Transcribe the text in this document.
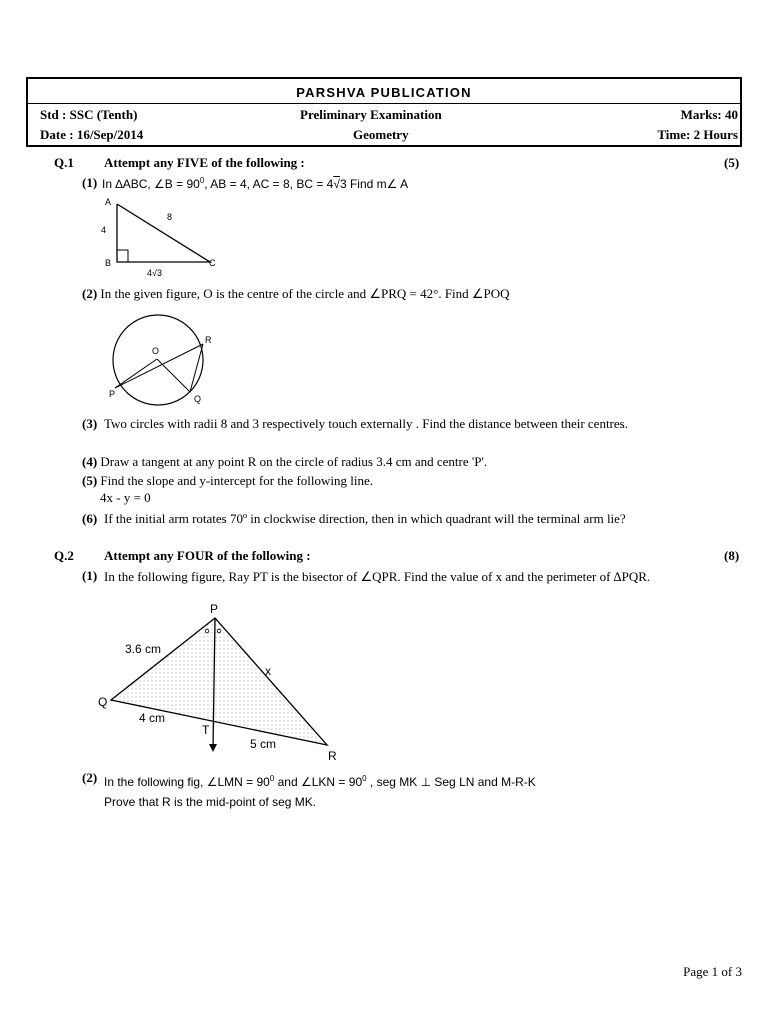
PARSHVA PUBLICATION
Std : SSC (Tenth)	Preliminary Examination	Marks: 40
Date : 16/Sep/2014	Geometry	Time: 2 Hours
Q.1 Attempt any FIVE of the following :	(5)
(1) In ∆ABC, ∠B = $90^0$, AB = 4, AC = 8, BC = 4√3 Find m∠ A
A
B	C
4
8
4√3
(2) In the given figure, O is the centre of the circle and ∠PRQ = 42°. Find ∠POQ
O
R
P	Q
(3) Two circles with radii 8 and 3 respectively touch externally . Find the distance between their centres.
(4) Draw a tangent at any point R on the circle of radius 3.4 cm and centre 'P'.
(5) Find the slope and y-intercept for the following line.
4x - y = 0
(6) If the initial arm rotates 70º in clockwise direction, then in which quadrant will the terminal arm lie?
Q.2 Attempt any FOUR of the following :	(8)
(1) In the following figure, Ray PT is the bisector of ∠QPR. Find the value of x and the perimeter of ∆PQR.
P
Q
R
T
3.6 cm
x
4 cm
5 cm
(2) In the following fig, ∠LMN = $90^0$ and ∠LKN = $90^0$ , seg MK ⊥ Seg LN and M-R-K
Prove that R is the mid-point of seg MK.
Page 1 of 3
